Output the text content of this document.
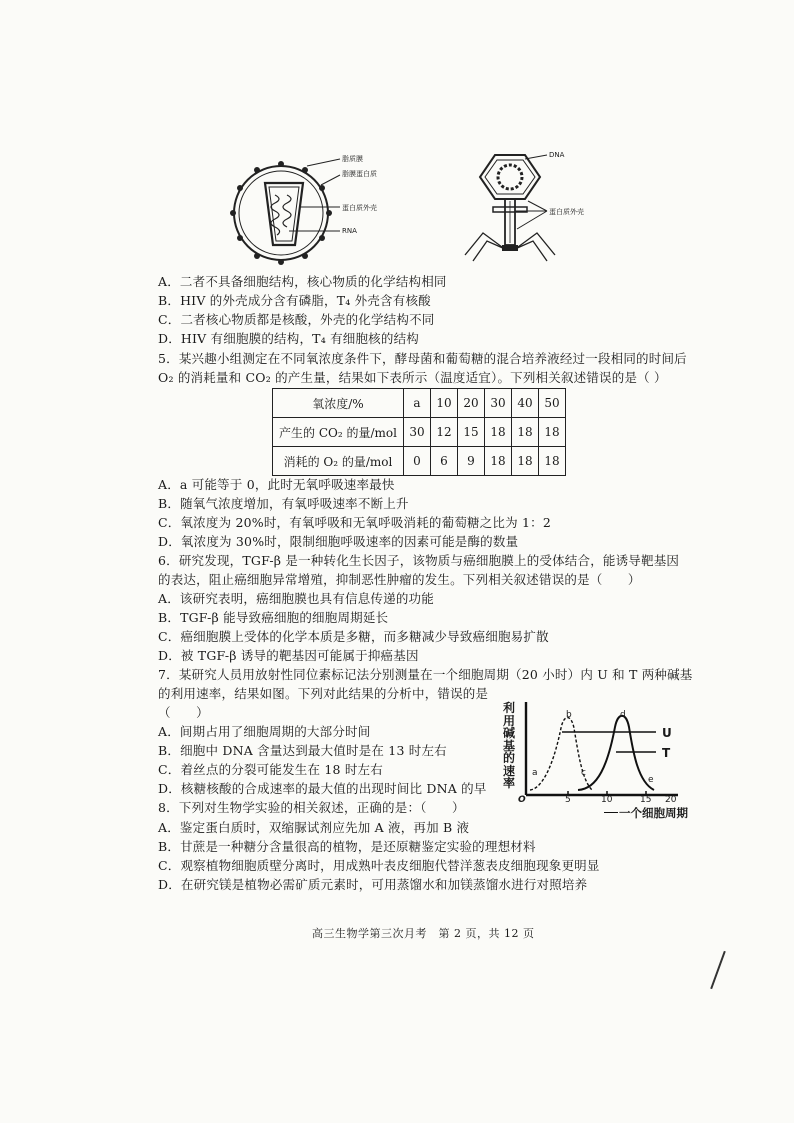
脂质膜
脂膜蛋白质
蛋白质外壳
RNA
DNA
蛋白质外壳
A．二者不具备细胞结构，核心物质的化学结构相同
B．HIV 的外壳成分含有磷脂，T₄ 外壳含有核酸
C．二者核心物质都是核酸，外壳的化学结构不同
D．HIV 有细胞膜的结构，T₄ 有细胞核的结构
5．某兴趣小组测定在不同氧浓度条件下，酵母菌和葡萄糖的混合培养液经过一段相同的时间后
O₂ 的消耗量和 CO₂ 的产生量，结果如下表所示（温度适宜）。下列相关叙述错误的是（ ）
氧浓度/%	a	10	20	30	40	50
产生的 CO₂ 的量/mol	30	12	15	18	18	18
消耗的 O₂ 的量/mol	0	6	9	18	18	18
A．a 可能等于 0，此时无氧呼吸速率最快
B．随氧气浓度增加，有氧呼吸速率不断上升
C．氧浓度为 20%时，有氧呼吸和无氧呼吸消耗的葡萄糖之比为 1：2
D．氧浓度为 30%时，限制细胞呼吸速率的因素可能是酶的数量
6．研究发现，TGF-β 是一种转化生长因子，该物质与癌细胞膜上的受体结合，能诱导靶基因
的表达，阻止癌细胞异常增殖，抑制恶性肿瘤的发生。下列相关叙述错误的是（　　）
A．该研究表明，癌细胞膜也具有信息传递的功能
B．TGF-β 能导致癌细胞的细胞周期延长
C．癌细胞膜上受体的化学本质是多糖，而多糖减少导致癌细胞易扩散
D．被 TGF-β 诱导的靶基因可能属于抑癌基因
7．某研究人员用放射性同位素标记法分别测量在一个细胞周期（20 小时）内 U 和 T 两种碱基
的利用速率，结果如图。下列对此结果的分析中，错误的是
（　　）
A．间期占用了细胞周期的大部分时间
B．细胞中 DNA 含量达到最大值时是在 13 时左右
C．着丝点的分裂可能发生在 18 时左右
D．核糖核酸的合成速率的最大值的出现时间比 DNA 的早
利
用
碱
基
的
速
率
a
b
c
d
e
U
T
O	5	10	15 20
一个细胞周期
8．下列对生物学实验的相关叙述，正确的是：（　　）
A．鉴定蛋白质时，双缩脲试剂应先加 A 液，再加 B 液
B．甘蔗是一种糖分含量很高的植物，是还原糖鉴定实验的理想材料
C．观察植物细胞质壁分离时，用成熟叶表皮细胞代替洋葱表皮细胞现象更明显
D．在研究镁是植物必需矿质元素时，可用蒸馏水和加镁蒸馏水进行对照培养
高三生物学第三次月考　第 2 页，共 12 页
